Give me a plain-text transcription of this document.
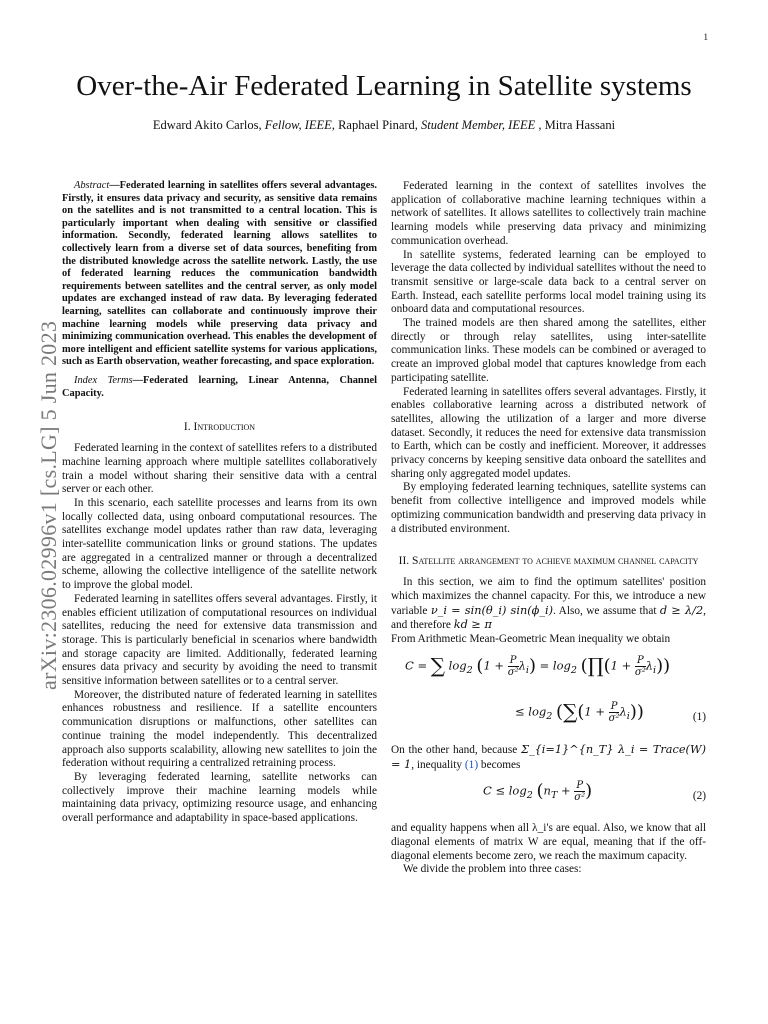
1
arXiv:2306.02996v1 [cs.LG] 5 Jun 2023
Over-the-Air Federated Learning in Satellite systems
Edward Akito Carlos, Fellow, IEEE, Raphael Pinard, Student Member, IEEE , Mitra Hassani

Abstract—Federated learning in satellites offers several advantages. Firstly, it ensures data privacy and security, as sensitive data remains on the satellites and is not transmitted to a central location. This is particularly important when dealing with sensitive or classified information. Secondly, federated learning allows satellites to collectively learn from a diverse set of data sources, benefiting from the distributed knowledge across the satellite network. Lastly, the use of federated learning reduces the communication bandwidth requirements between satellites and the central server, as only model updates are exchanged instead of raw data. By leveraging federated learning, satellites can collaborate and continuously improve their machine learning models while preserving data privacy and minimizing communication overhead. This enables the development of more intelligent and efficient satellite systems for various applications, such as Earth observation, weather forecasting, and space exploration.

Index Terms—Federated learning, Linear Antenna, Channel Capacity.

I. Introduction

Federated learning in the context of satellites refers to a distributed machine learning approach where multiple satellites collaboratively train a model without sharing their sensitive data with a central server or each other.

In this scenario, each satellite processes and learns from its own locally collected data, using onboard computational resources. The satellites exchange model updates rather than raw data, leveraging inter-satellite communication links or ground stations. The updates are aggregated in a centralized manner or through a decentralized scheme, allowing the collective intelligence of the satellite network to improve the global model.

Federated learning in satellites offers several advantages. Firstly, it enables efficient utilization of computational resources on individual satellites, reducing the need for extensive data transmission and storage. This is particularly beneficial in scenarios where bandwidth and storage capacity are limited. Additionally, federated learning ensures data privacy and security by avoiding the need to transmit sensitive information between satellites or to a central server.

Moreover, the distributed nature of federated learning in satellites enhances robustness and resilience. If a satellite encounters communication disruptions or malfunctions, other satellites can continue training the model independently. This decentralized approach also supports scalability, allowing new satellites to join the federation without requiring a centralized retraining process.

By leveraging federated learning, satellite networks can collectively improve their machine learning models while maintaining data privacy, optimizing resource usage, and enhancing overall performance and adaptability in space-based applications.

Federated learning in the context of satellites involves the application of collaborative machine learning techniques within a network of satellites. It allows satellites to collectively train machine learning models while preserving data privacy and minimizing communication overhead.

In satellite systems, federated learning can be employed to leverage the data collected by individual satellites without the need to transmit sensitive or large-scale data back to a central server on Earth. Instead, each satellite performs local model training using its onboard data and computational resources.

The trained models are then shared among the satellites, either directly or through relay satellites, using inter-satellite communication links. These models can be combined or averaged to create an improved global model that captures knowledge from each participating satellite.

Federated learning in satellites offers several advantages. Firstly, it enables collaborative learning across a distributed network of satellites, allowing the utilization of a larger and more diverse dataset. Secondly, it reduces the need for extensive data transmission to Earth, which can be costly and inefficient. Moreover, it addresses privacy concerns by keeping sensitive data onboard the satellites and sharing only aggregated model updates.

By employing federated learning techniques, satellite systems can benefit from collective intelligence and improved models while optimizing communication bandwidth and preserving data privacy in a distributed environment.

II. Satellite arrangement to achieve maximum channel capacity

In this section, we aim to find the optimum satellites' position which maximizes the channel capacity. For this, we introduce a new variable ν_i = sin(θ_i) sin(ϕ_i). Also, we assume that d ≥ λ/2, and therefore kd ≥ π

From Arithmetic Mean-Geometric Mean inequality we obtain

C = ∑ $\log_2 (1 + \frac{P}{\text{σ²}} \lambda_i) = \log_2$ (∏(1 + $\frac{P}{\text{σ²}} \lambda_i$))
≤ $\log_2 (\sum(1 + \frac{P}{\text{σ²}} \lambda_i))$	(1)

On the other hand, because Σ_{i=1}^{n_T} λ_i = Trace(W) = 1, inequality (1) becomes

$C \le \log_2 (n_T + \frac{P}{\text{σ²}}$ )	(2)

and equality happens when all λ_i's are equal. Also, we know that all diagonal elements of matrix W are equal, meaning that if the off-diagonal elements become zero, we reach the maximum capacity.

We divide the problem into three cases:
